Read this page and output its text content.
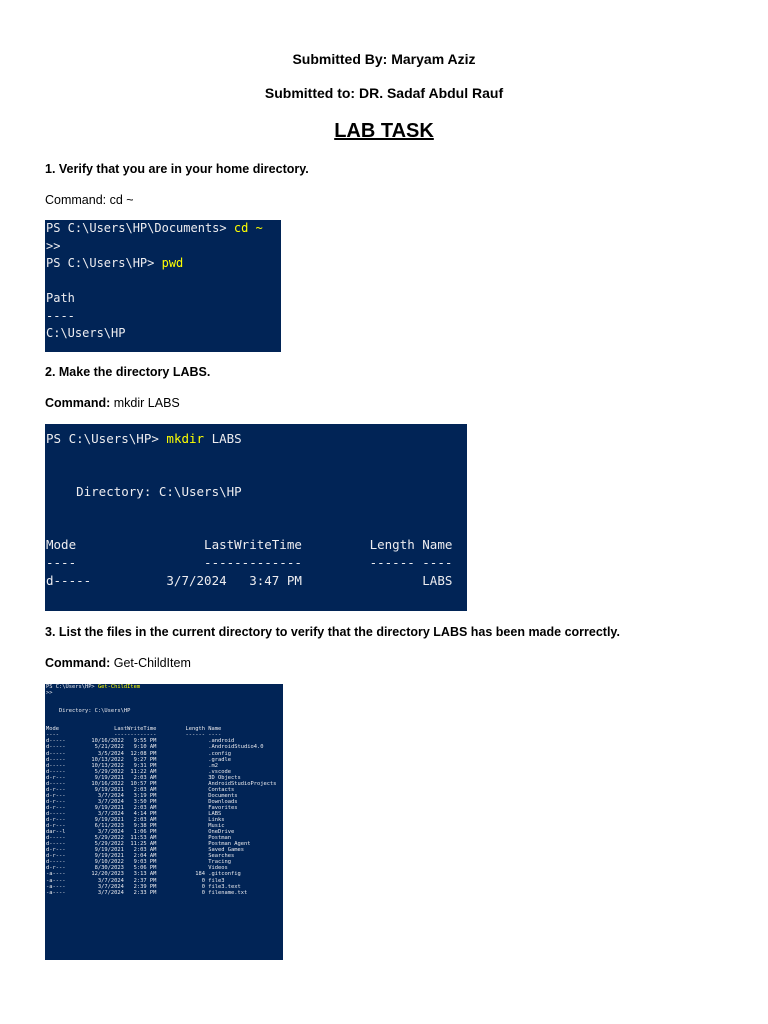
Submitted By: Maryam Aziz
Submitted to: DR. Sadaf Abdul Rauf
LAB TASK
1. Verify that you are in your home directory.
Command: cd ~
PS C:\Users\HP\Documents> cd ~
>>
PS C:\Users\HP> pwd
Path
----
C:\Users\HP
2. Make the directory LABS.
Command: mkdir LABS
PS C:\Users\HP> mkdir LABS
Directory: C:\Users\HP
Mode                 LastWriteTime         Length Name
----                 -------------         ------ ----
d-----          3/7/2024   3:47 PM                LABS
3. List the files in the current directory to verify that the directory LABS has been made correctly.
Command: Get-ChildItem
PS C:\Users\HP> Get-ChildItem
>>
Directory: C:\Users\HP
Mode                 LastWriteTime         Length Name
----                 -------------         ------ ----
d-----        10/16/2022   9:55 PM                .android
d-----         5/21/2022   9:10 AM                .AndroidStudio4.0
d-----          3/5/2024  12:08 PM                .config
d-----        10/13/2022   9:27 PM                .gradle
d-----        10/13/2022   9:31 PM                .m2
d-----         5/29/2022  11:22 AM                .vscode
d-r---         9/19/2021   2:03 AM                3D Objects
d-----        10/16/2022  10:57 PM                AndroidStudioProjects
d-r---         9/19/2021   2:03 AM                Contacts
d-r---          3/7/2024   3:19 PM                Documents
d-r---          3/7/2024   3:50 PM                Downloads
d-r---         9/19/2021   2:03 AM                Favorites
d-----          3/7/2024   4:14 PM                LABS
d-r---         9/19/2021   2:03 AM                Links
d-r---         6/11/2023   9:38 PM                Music
dar--l          3/7/2024   1:06 PM                OneDrive
d-----         5/29/2022  11:53 AM                Postman
d-----         5/29/2022  11:25 AM                Postman Agent
d-r---         9/19/2021   2:03 AM                Saved Games
d-r---         9/19/2021   2:04 AM                Searches
d-----         9/10/2022   9:03 PM                Tracing
d-r---         8/30/2023   5:06 PM                Videos
-a----        12/20/2023   3:13 AM            184 .gitconfig
-a----          3/7/2024   2:37 PM              0 file3
-a----          3/7/2024   2:39 PM              0 file3.text
-a----          3/7/2024   2:33 PM              0 filename.txt
